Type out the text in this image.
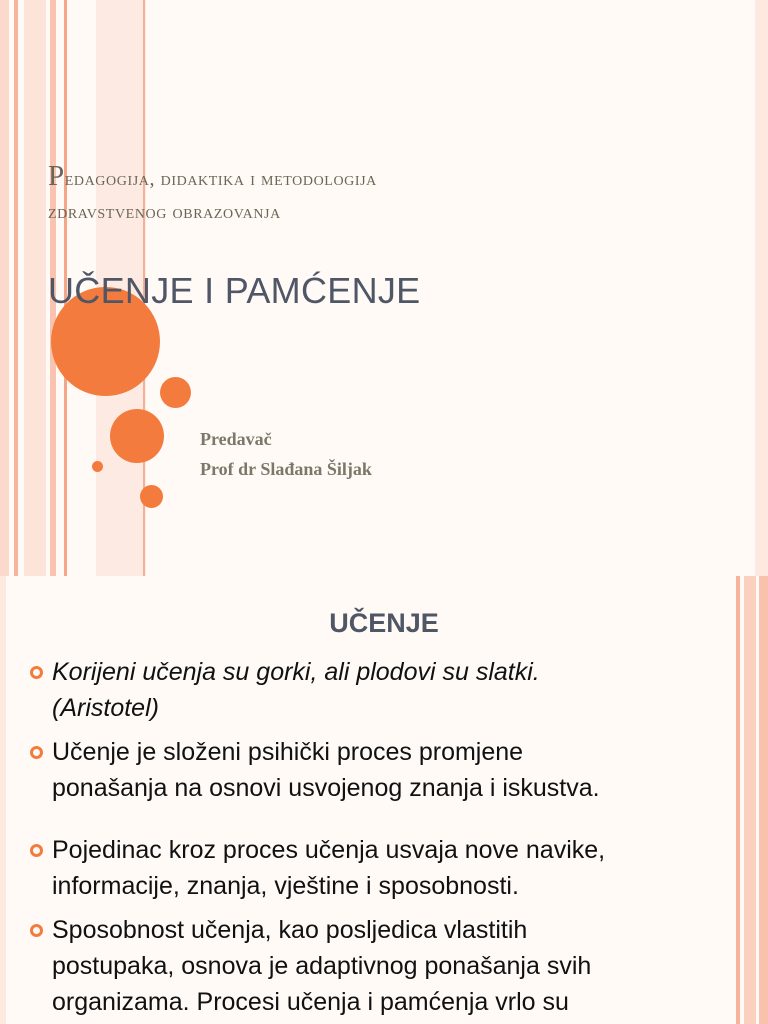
Pedagogija, didaktika i metodologija
zdravstvenog obrazovanja
UČENJE I PAMĆENJE
Predavač
Prof dr Slađana Šiljak
UČENJE
Korijeni učenja su gorki, ali plodovi su slatki.
(Aristotel)
Učenje je složeni psihički proces promjene
ponašanja na osnovi usvojenog znanja i iskustva.
Pojedinac kroz proces učenja usvaja nove navike,
informacije, znanja, vještine i sposobnosti.
Sposobnost učenja, kao posljedica vlastitih
postupaka, osnova je adaptivnog ponašanja svih
organizama. Procesi učenja i pamćenja vrlo su
